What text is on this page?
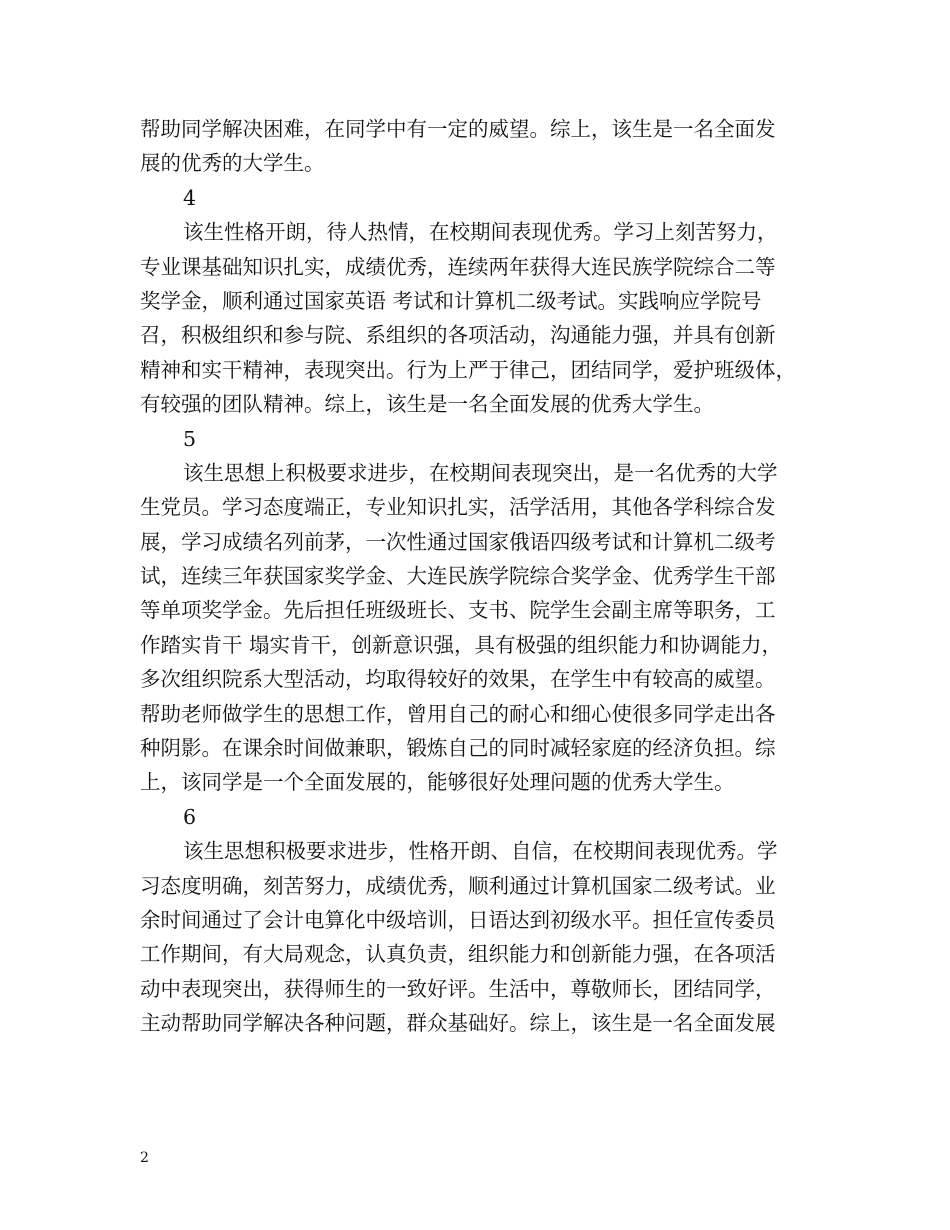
帮助同学解决困难，在同学中有一定的威望。综上，该生是一名全面发
展的优秀的大学生。
4
该生性格开朗，待人热情，在校期间表现优秀。学习上刻苦努力，
专业课基础知识扎实，成绩优秀，连续两年获得大连民族学院综合二等
奖学金，顺利通过国家英语 考试和计算机二级考试。实践响应学院号
召，积极组织和参与院、系组织的各项活动，沟通能力强，并具有创新
精神和实干精神，表现突出。行为上严于律己，团结同学，爱护班级体，
有较强的团队精神。综上，该生是一名全面发展的优秀大学生。
5
该生思想上积极要求进步，在校期间表现突出，是一名优秀的大学
生党员。学习态度端正，专业知识扎实，活学活用，其他各学科综合发
展，学习成绩名列前茅，一次性通过国家俄语四级考试和计算机二级考
试，连续三年获国家奖学金、大连民族学院综合奖学金、优秀学生干部
等单项奖学金。先后担任班级班长、支书、院学生会副主席等职务，工
作踏实肯干 塌实肯干，创新意识强，具有极强的组织能力和协调能力，
多次组织院系大型活动，均取得较好的效果，在学生中有较高的威望。
帮助老师做学生的思想工作，曾用自己的耐心和细心使很多同学走出各
种阴影。在课余时间做兼职，锻炼自己的同时减轻家庭的经济负担。综
上，该同学是一个全面发展的，能够很好处理问题的优秀大学生。
6
该生思想积极要求进步，性格开朗、自信，在校期间表现优秀。学
习态度明确，刻苦努力，成绩优秀，顺利通过计算机国家二级考试。业
余时间通过了会计电算化中级培训，日语达到初级水平。担任宣传委员
工作期间，有大局观念，认真负责，组织能力和创新能力强，在各项活
动中表现突出，获得师生的一致好评。生活中，尊敬师长，团结同学，
主动帮助同学解决各种问题，群众基础好。综上，该生是一名全面发展
2
